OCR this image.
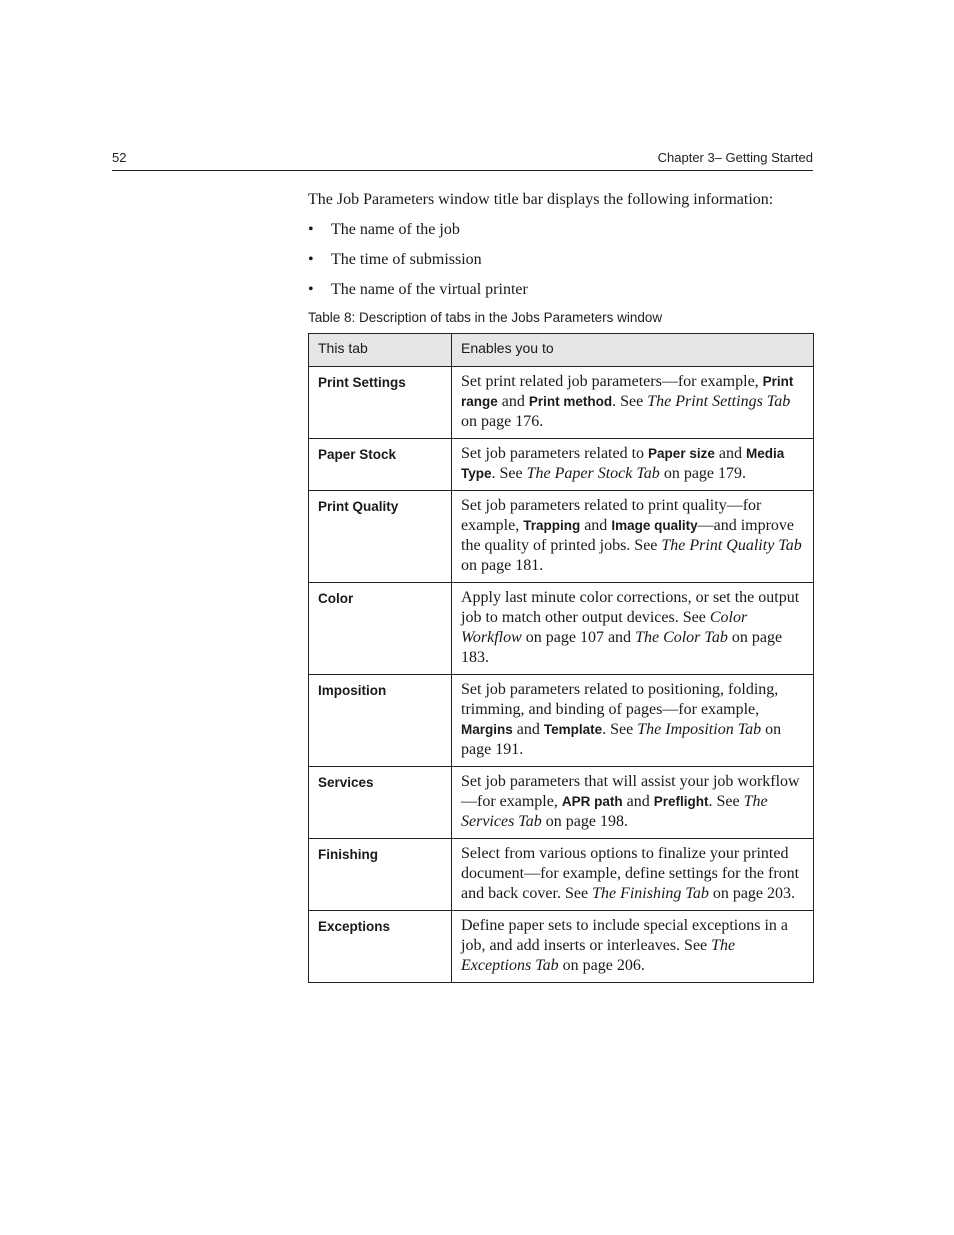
52	Chapter 3– Getting Started

The Job Parameters window title bar displays the following information:

• The name of the job

• The time of submission

• The name of the virtual printer

Table 8: Description of tabs in the Jobs Parameters window
This tab	Enables you to
Print Settings	Set print related job parameters—for example, Print range and Print method. See The Print Settings Tab on page 176.
Paper Stock	Set job parameters related to Paper size and Media Type. See The Paper Stock Tab on page 179.
Print Quality	Set job parameters related to print quality—for example, Trapping and Image quality—and improve the quality of printed jobs. See The Print Quality Tab on page 181.
Color	Apply last minute color corrections, or set the output job to match other output devices. See Color Workflow on page 107 and The Color Tab on page 183.
Imposition	Set job parameters related to positioning, folding, trimming, and binding of pages—for example, Margins and Template. See The Imposition Tab on page 191.
Services	Set job parameters that will assist your job workflow—for example, APR path and Preflight. See The Services Tab on page 198.
Finishing	Select from various options to finalize your printed document—for example, define settings for the front and back cover. See The Finishing Tab on page 203.
Exceptions	Define paper sets to include special exceptions in a job, and add inserts or interleaves. See The Exceptions Tab on page 206.
